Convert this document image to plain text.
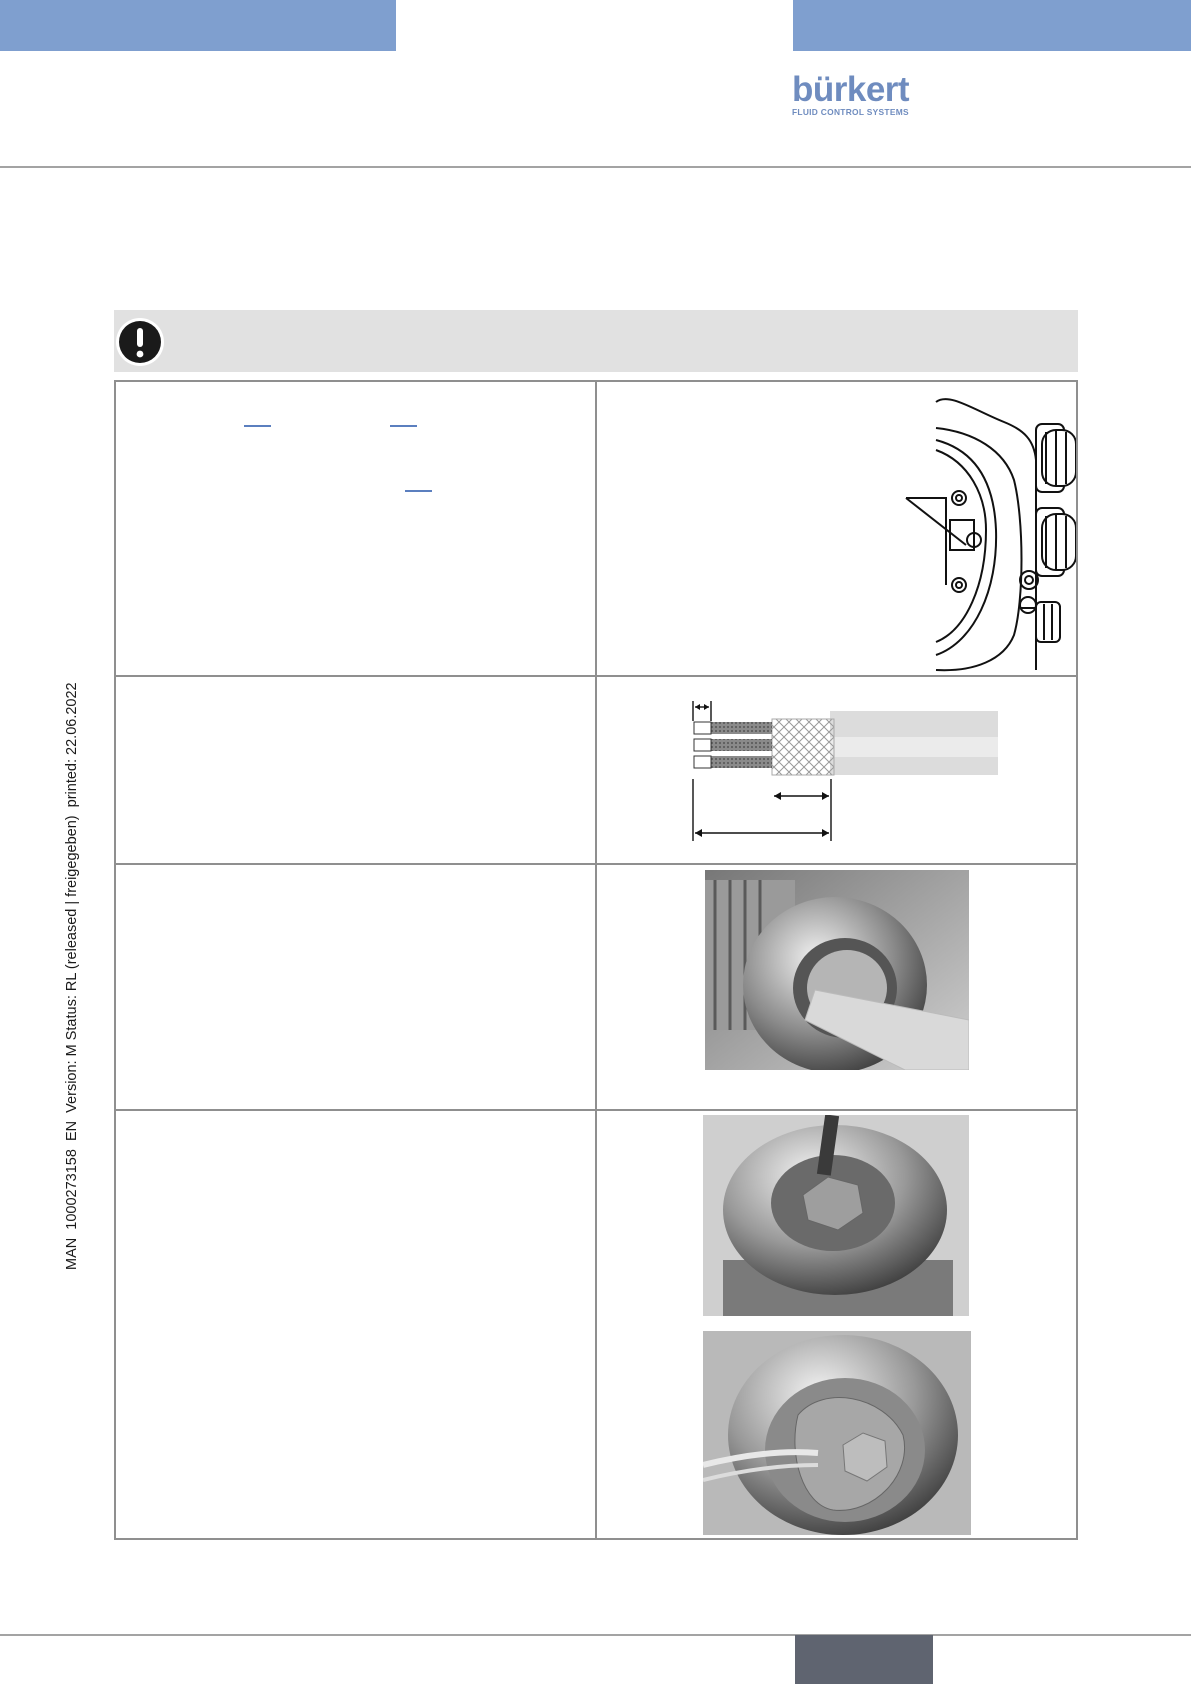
bürkert
FLUID CONTROL SYSTEMS
MAN  1000273158  EN  Version: M Status: RL (released | freigegeben)  printed: 22.06.2022
